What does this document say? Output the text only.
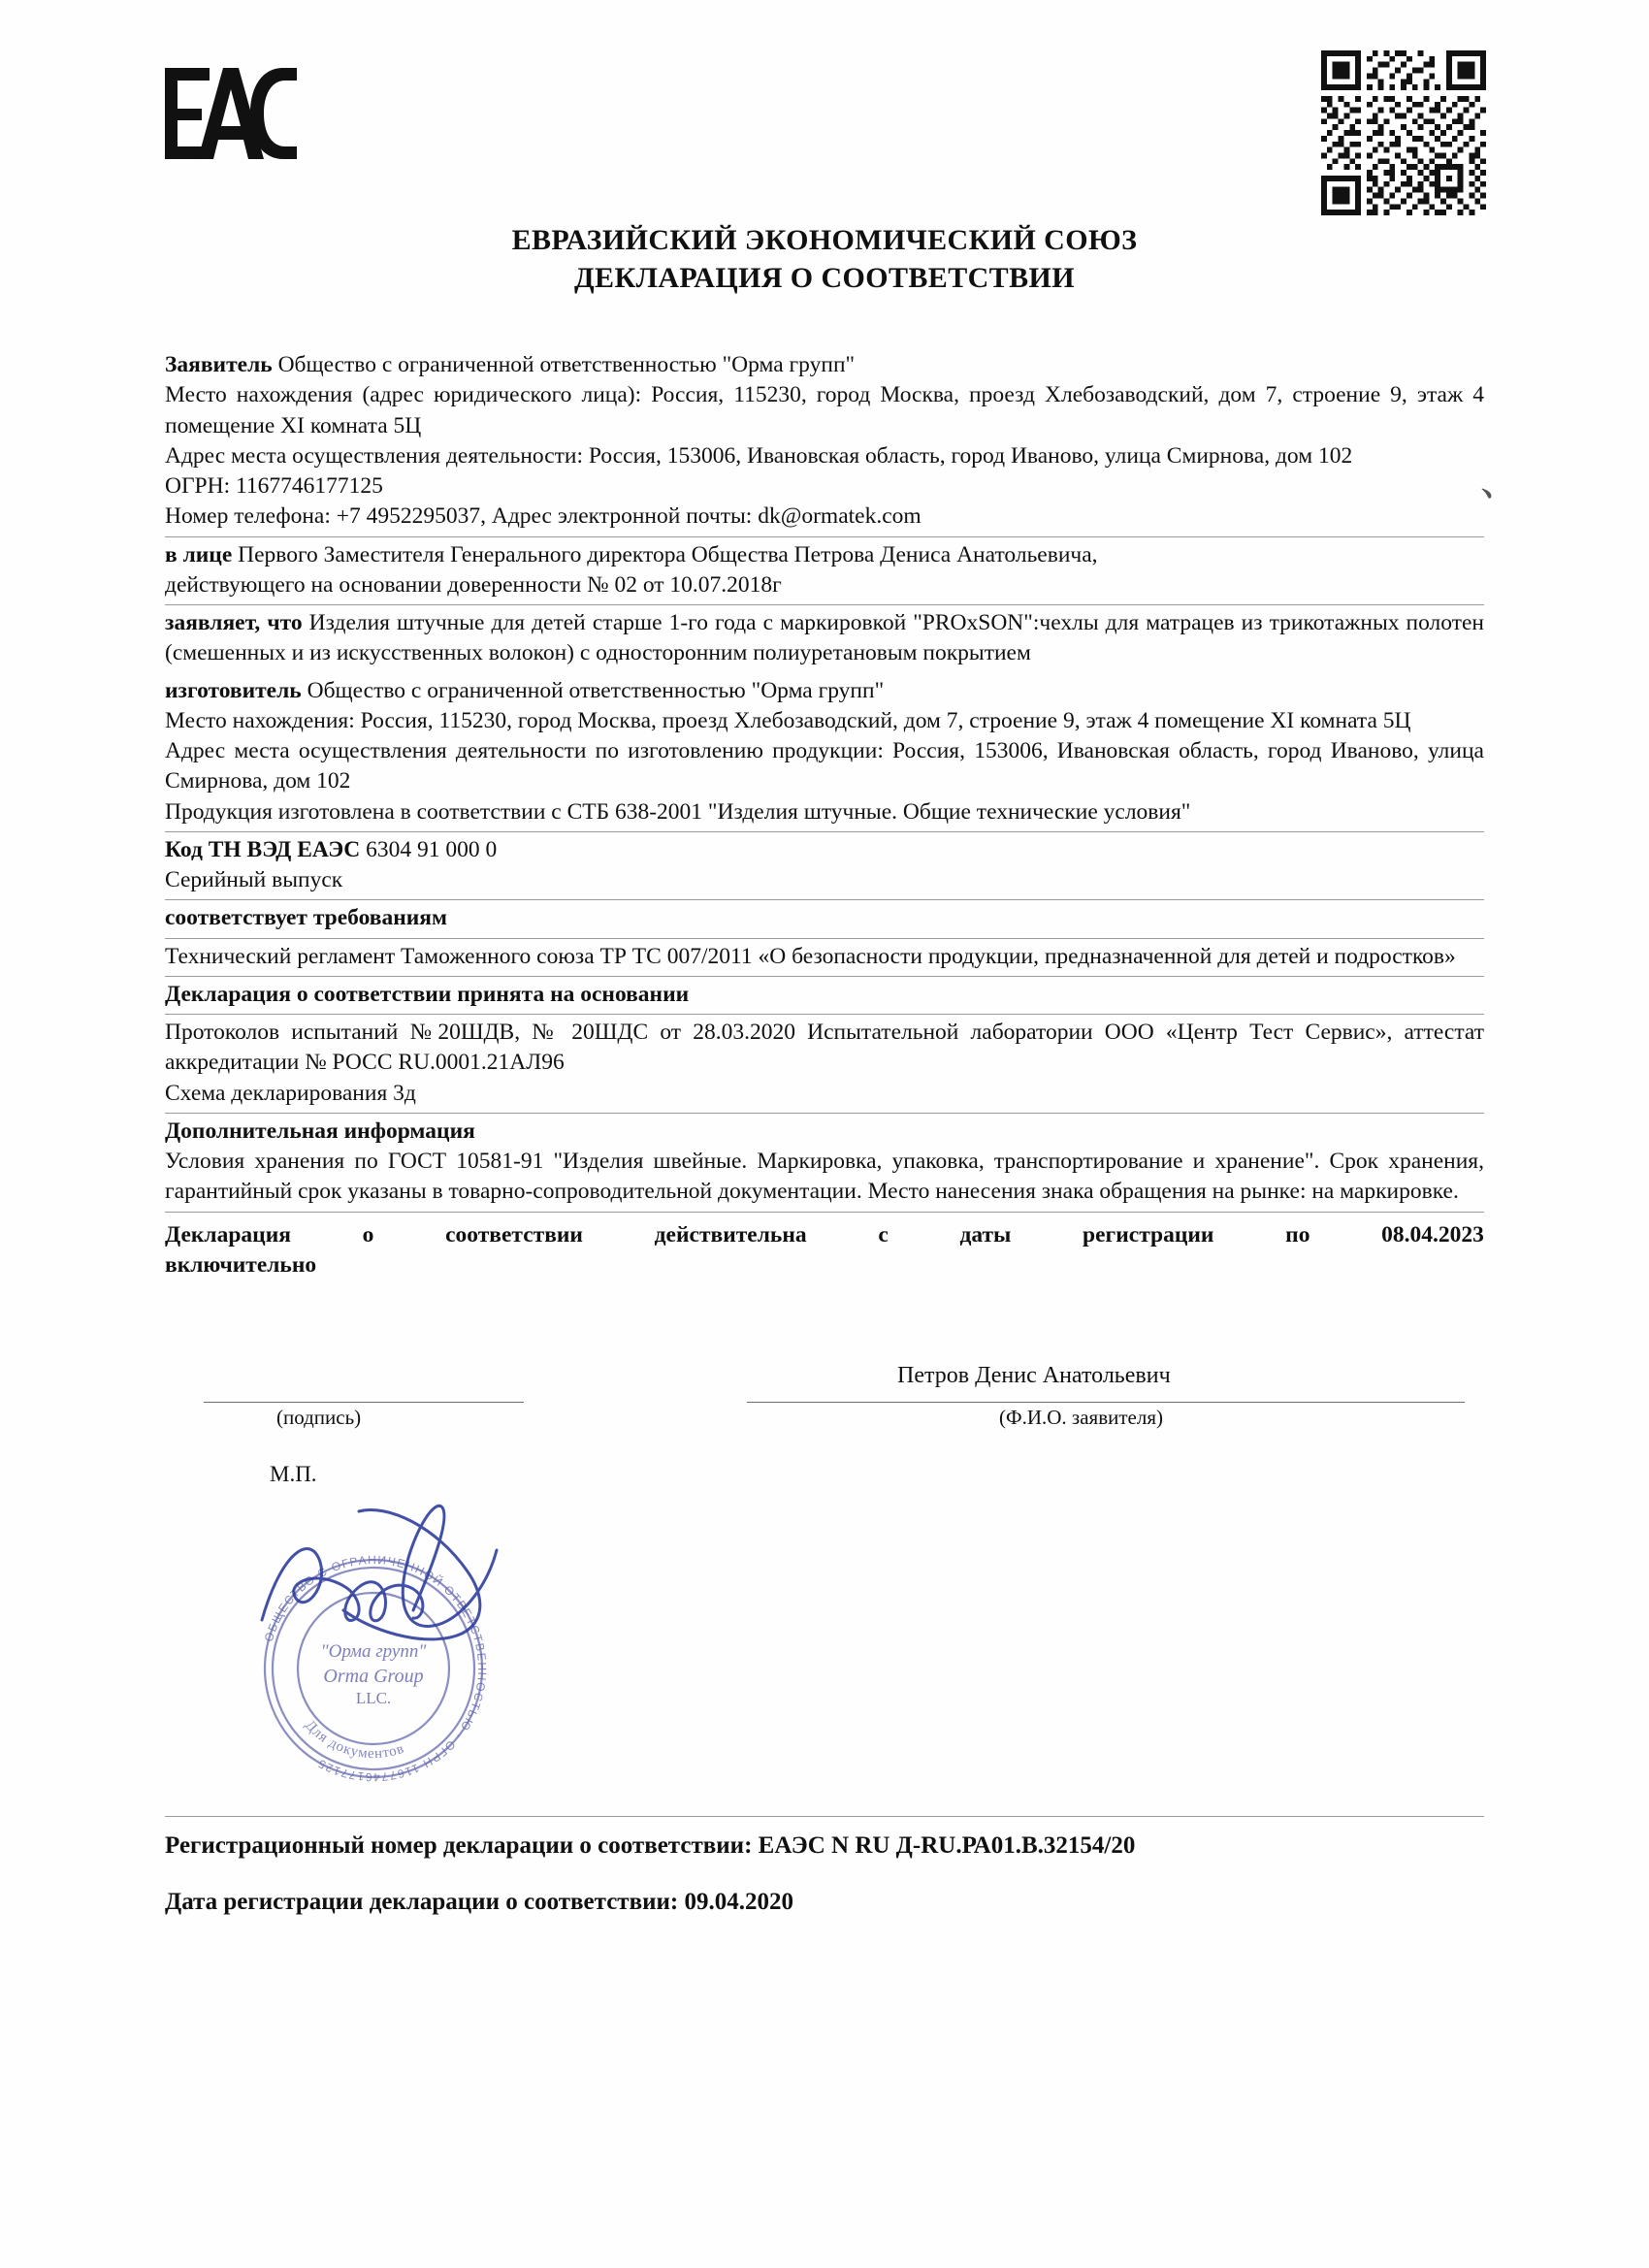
ЕВРАЗИЙСКИЙ ЭКОНОМИЧЕСКИЙ СОЮЗ
ДЕКЛАРАЦИЯ О СООТВЕТСТВИИ
﹅

Заявитель Общество с ограниченной ответственностью "Орма групп"

Место нахождения (адрес юридического лица): Россия, 115230, город Москва, проезд Хлебозаводский, дом 7, строение 9, этаж 4 помещение XI комната 5Ц

Адрес места осуществления деятельности: Россия, 153006, Ивановская область, город Иваново, улица Смирнова, дом 102

ОГРН: 1167746177125

Номер телефона: +7 4952295037, Адрес электронной почты: dk@ormatek.com

в лице Первого Заместителя Генерального директора Общества Петрова Дениса Анатольевича,

действующего на основании доверенности № 02 от 10.07.2018г

заявляет, что Изделия штучные для детей старше 1-го года с маркировкой "PROxSON":чехлы для матрацев из трикотажных полотен (смешенных и из искусственных волокон) с односторонним полиуретановым покрытием

изготовитель Общество с ограниченной ответственностью "Орма групп"

Место нахождения: Россия, 115230, город Москва, проезд Хлебозаводский, дом 7, строение 9, этаж 4 помещение XI комната 5Ц

Адрес места осуществления деятельности по изготовлению продукции: Россия, 153006, Ивановская область, город Иваново, улица Смирнова, дом 102

Продукция изготовлена в соответствии с СТБ 638-2001 "Изделия штучные. Общие технические условия"

Код ТН ВЭД ЕАЭС 6304 91 000 0

Серийный выпуск

соответствует требованиям

Технический регламент Таможенного союза ТР ТС 007/2011 «О безопасности продукции, предназначенной для детей и подростков»

Декларация о соответствии принята на основании

Протоколов испытаний №20ШДВ, № 20ШДС от 28.03.2020 Испытательной лаборатории ООО «Центр Тест Сервис», аттестат аккредитации № РОСС RU.0001.21АЛ96

Схема декларирования 3д

Дополнительная информация

Условия хранения по ГОСТ 10581-91 "Изделия швейные. Маркировка, упаковка, транспортирование и хранение". Срок хранения, гарантийный срок указаны в товарно-сопроводительной документации. Место нанесения знака обращения на рынке: на маркировке.

Декларация	о	соответствии	действительна	с	даты	регистрации	по	08.04.2023
включительно
Петров Денис Анатольевич
(подпись)	(Ф.И.О. заявителя)
М.П.
ОБЩЕСТВО С ОГРАНИЧЕННОЙ ОТВЕТСТВЕННОСТЬЮ · ОГРН 1167746177125
Для документов
"Орма групп"
Orma Group
LLC.
Регистрационный номер декларации о соответствии: ЕАЭС N RU Д-RU.РА01.В.32154/20
Дата регистрации декларации о соответствии: 09.04.2020
